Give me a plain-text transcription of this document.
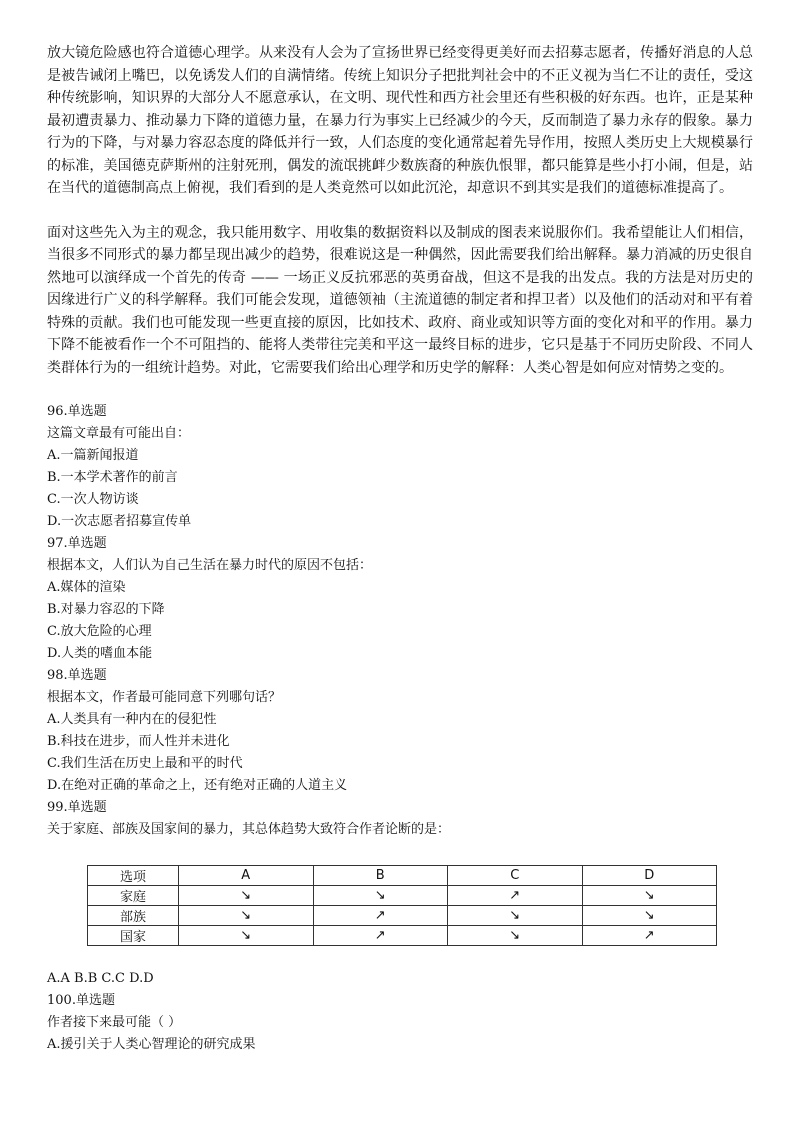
放大镜危险感也符合道德心理学。从来没有人会为了宣扬世界已经变得更美好而去招募志愿者，传播好消息的人总是被告诫闭上嘴巴，以免诱发人们的自满情绪。传统上知识分子把批判社会中的不正义视为当仁不让的责任，受这种传统影响，知识界的大部分人不愿意承认，在文明、现代性和西方社会里还有些积极的好东西。也许，正是某种最初遭责暴力、推动暴力下降的道德力量，在暴力行为事实上已经减少的今天，反而制造了暴力永存的假象。暴力行为的下降，与对暴力容忍态度的降低并行一致，人们态度的变化通常起着先导作用，按照人类历史上大规模暴行的标准，美国德克萨斯州的注射死刑，偶发的流氓挑衅少数族裔的种族仇恨罪，都只能算是些小打小闹，但是，站在当代的道德制高点上俯视，我们看到的是人类竟然可以如此沉沦，却意识不到其实是我们的道德标准提高了。

面对这些先入为主的观念，我只能用数字、用收集的数据资料以及制成的图表来说服你们。我希望能让人们相信，当很多不同形式的暴力都呈现出减少的趋势，很难说这是一种偶然，因此需要我们给出解释。暴力消减的历史很自然地可以演绎成一个首先的传奇 —— 一场正义反抗邪恶的英勇奋战，但这不是我的出发点。我的方法是对历史的因缘进行广义的科学解释。我们可能会发现，道德领袖（主流道德的制定者和捍卫者）以及他们的活动对和平有着特殊的贡献。我们也可能发现一些更直接的原因，比如技术、政府、商业或知识等方面的变化对和平的作用。暴力下降不能被看作一个不可阻挡的、能将人类带往完美和平这一最终目标的进步，它只是基于不同历史阶段、不同人类群体行为的一组统计趋势。对此，它需要我们给出心理学和历史学的解释：人类心智是如何应对情势之变的。

96.单选题
这篇文章最有可能出自：
A.一篇新闻报道
B.一本学术著作的前言
C.一次人物访谈
D.一次志愿者招募宣传单
97.单选题
根据本文，人们认为自己生活在暴力时代的原因不包括：
A.媒体的渲染
B.对暴力容忍的下降
C.放大危险的心理
D.人类的嗜血本能
98.单选题
根据本文，作者最可能同意下列哪句话？
A.人类具有一种内在的侵犯性
B.科技在进步，而人性并未进化
C.我们生活在历史上最和平的时代
D.在绝对正确的革命之上，还有绝对正确的人道主义
99.单选题
关于家庭、部族及国家间的暴力，其总体趋势大致符合作者论断的是：
选项	A	B	C	D
家庭	↘	↘	↗	↘
部族	↘	↗	↘	↘
国家	↘	↗	↘	↗
A.A B.B C.C D.D
100.单选题
作者接下来最可能（ ）
A.援引关于人类心智理论的研究成果
